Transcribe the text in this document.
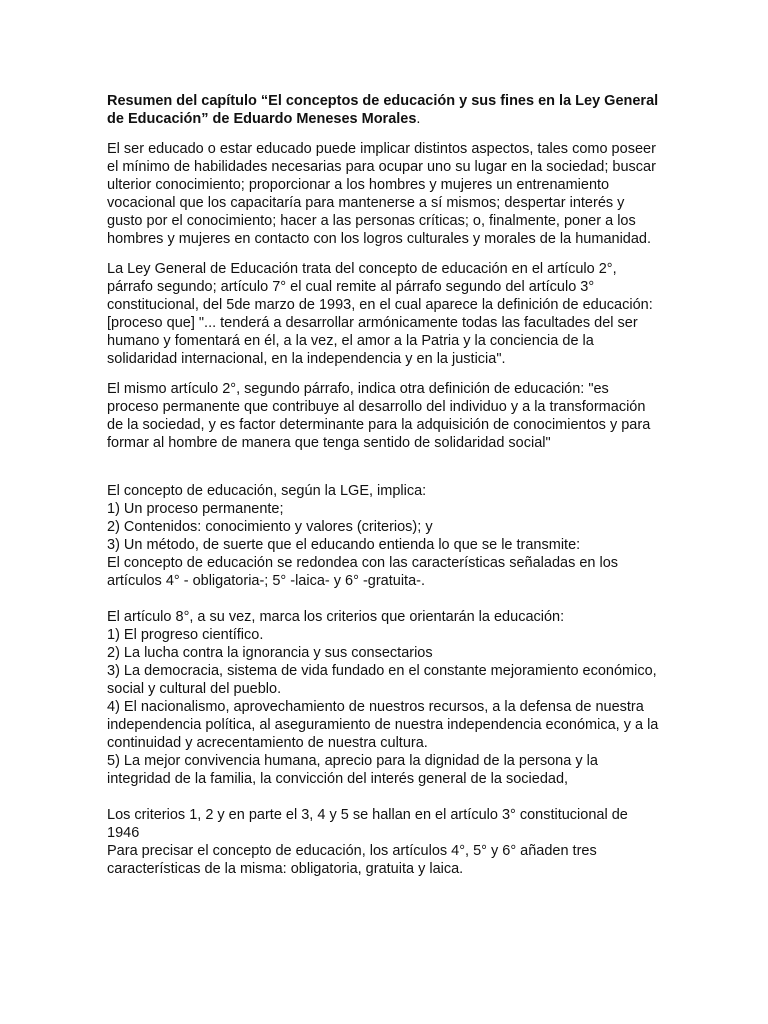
Resumen del capítulo “El conceptos de educación y sus fines en la Ley General de Educación” de Eduardo Meneses Morales.

El ser educado o estar educado puede implicar distintos aspectos, tales como poseer el mínimo de habilidades necesarias para ocupar uno su lugar en la sociedad; buscar ulterior conocimiento; proporcionar a los hombres y mujeres un entrenamiento vocacional que los capacitaría para mantenerse a sí mismos; despertar interés y gusto por el conocimiento; hacer a las personas críticas; o, finalmente, poner a los hombres y mujeres en contacto con los logros culturales y morales de la humanidad.

La Ley General de Educación trata del concepto de educación en el artículo 2°, párrafo segundo; artículo 7° el cual remite al párrafo segundo del artículo 3° constitucional, del 5de marzo de 1993, en el cual aparece la definición de educación: [proceso que] "... tenderá a desarrollar armónicamente todas las facultades del ser humano y fomentará en él, a la vez, el amor a la Patria y la conciencia de la solidaridad internacional, en la independencia y en la justicia".

El mismo artículo 2°, segundo párrafo, indica otra definición de educación: "es proceso permanente que contribuye al desarrollo del individuo y a la transformación de la sociedad, y es factor determinante para la adquisición de conocimientos y para formar al hombre de manera que tenga sentido de solidaridad social"

El concepto de educación, según la LGE, implica:
1) Un proceso permanente;
2) Contenidos: conocimiento y valores (criterios); y
3) Un método, de suerte que el educando entienda lo que se le transmite:
El concepto de educación se redondea con las características señaladas en los artículos 4° - obligatoria-; 5° -laica- y 6° -gratuita-.
El artículo 8°, a su vez, marca los criterios que orientarán la educación:
1) El progreso científico.
2) La lucha contra la ignorancia y sus consectarios
3) La democracia, sistema de vida fundado en el constante mejoramiento económico, social y cultural del pueblo.
4) El nacionalismo, aprovechamiento de nuestros recursos, a la defensa de nuestra independencia política, al aseguramiento de nuestra independencia económica, y a la continuidad y acrecentamiento de nuestra cultura.
5) La mejor convivencia humana, aprecio para la dignidad de la persona y la integridad de la familia, la convicción del interés general de la sociedad,
Los criterios 1, 2 y en parte el 3, 4 y 5 se hallan en el artículo 3° constitucional de 1946
Para precisar el concepto de educación, los artículos 4°, 5° y 6° añaden tres características de la misma: obligatoria, gratuita y laica.
